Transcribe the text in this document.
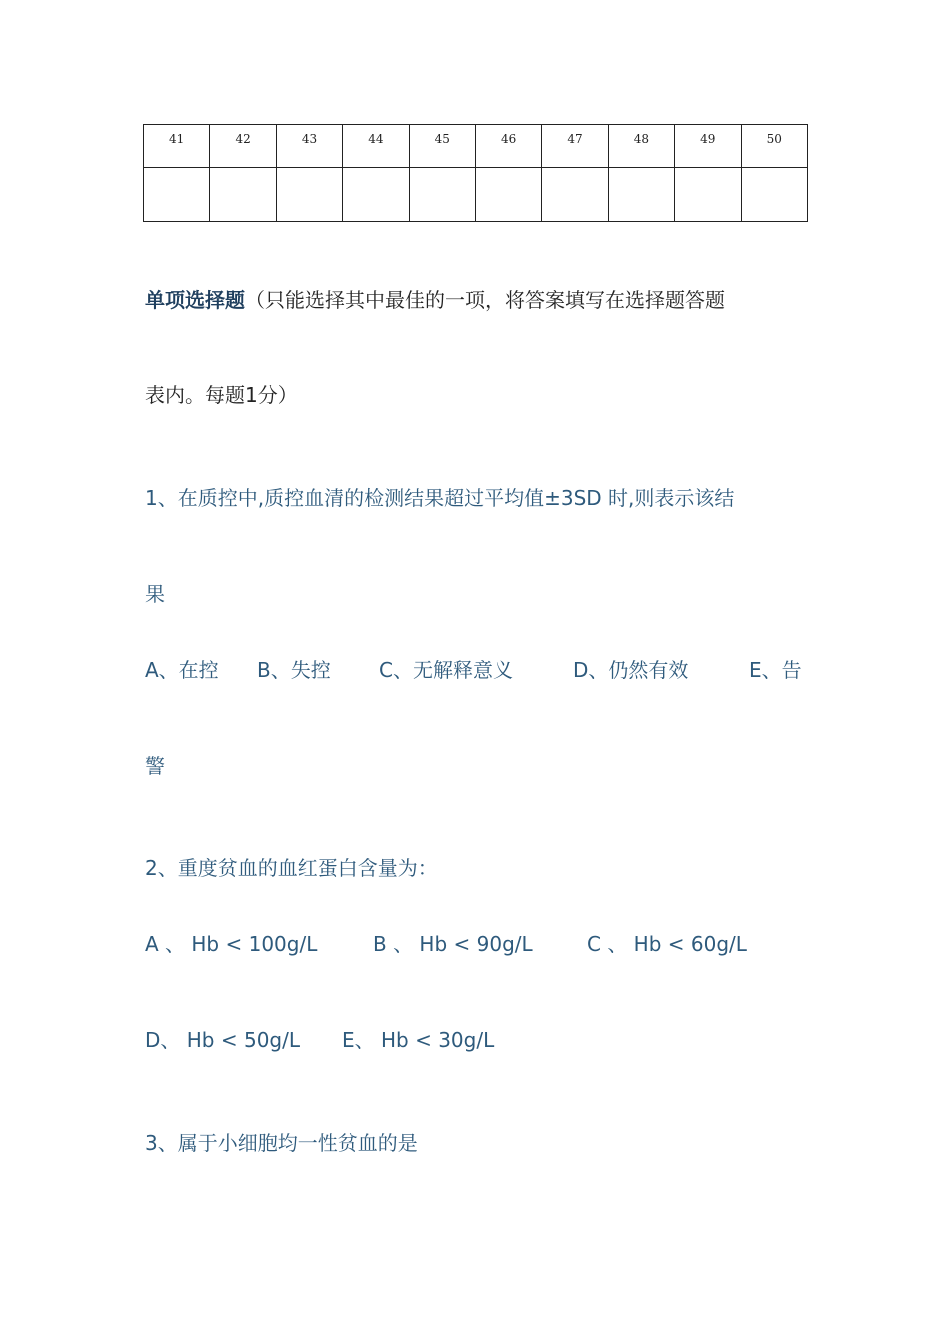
41	42	43	44	45	46	47	48	49	50

单项选择题（只能选择其中最佳的一项，将答案填写在选择题答题

表内。每题1分）

1、在质控中,质控血清的检测结果超过平均值±3SD 时,则表示该结

果

A、在控

B、失控

C、无解释意义

	D、仍然有效

	E、告

警

2、重度贫血的血红蛋白含量为：

A 、 Hb < 100g/L

	B 、 Hb < 90g/L

	C 、 Hb < 60g/L

D、 Hb < 50g/L

E、 Hb < 30g/L

3、属于小细胞均一性贫血的是
